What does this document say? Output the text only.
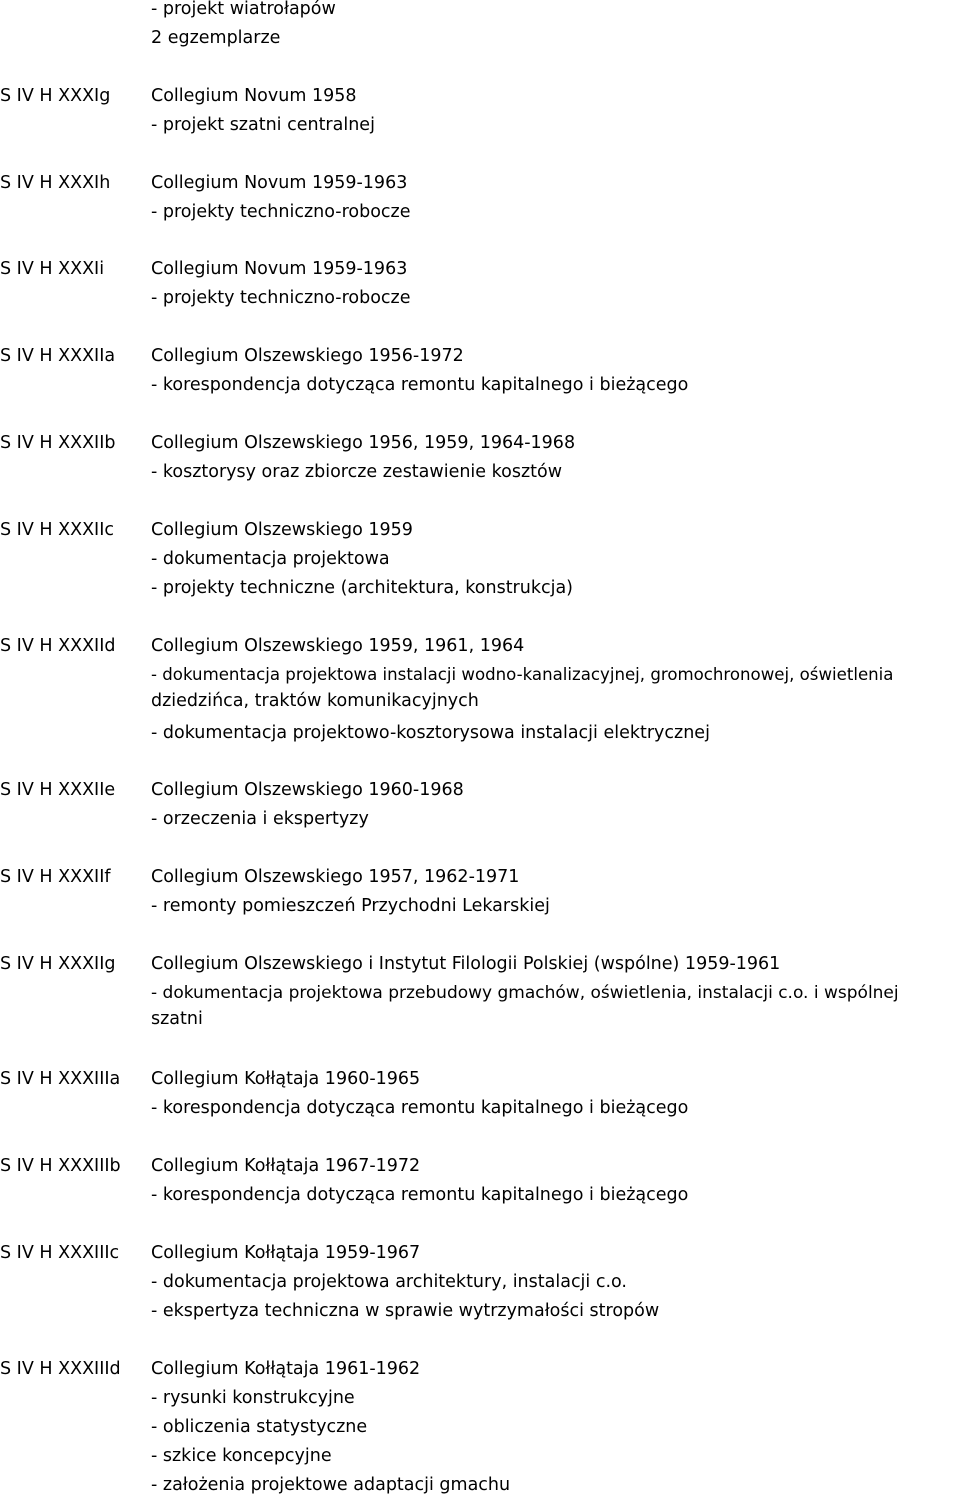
- projekt wiatrołapów
2 egzemplarze
S IV H XXXIg Collegium Novum 1958
- projekt szatni centralnej
S IV H XXXIh Collegium Novum 1959-1963
- projekty techniczno-robocze
S IV H XXXIi	Collegium Novum 1959-1963
- projekty techniczno-robocze
S IV H XXXIIa Collegium Olszewskiego 1956-1972
- korespondencja dotycząca remontu kapitalnego i bieżącego
S IV H XXXIIb Collegium Olszewskiego 1956, 1959, 1964-1968
- kosztorysy oraz zbiorcze zestawienie kosztów
S IV H XXXIIc Collegium Olszewskiego 1959
- dokumentacja projektowa
- projekty techniczne (architektura, konstrukcja)
S IV H XXXIId Collegium Olszewskiego 1959, 1961, 1964
- dokumentacja projektowa instalacji wodno-kanalizacyjnej, gromochronowej, oświetlenia
dziedzińca, traktów komunikacyjnych
- dokumentacja projektowo-kosztorysowa instalacji elektrycznej
S IV H XXXIIe Collegium Olszewskiego 1960-1968
- orzeczenia i ekspertyzy
S IV H XXXIIf Collegium Olszewskiego 1957, 1962-1971
- remonty pomieszczeń Przychodni Lekarskiej
S IV H XXXIIg Collegium Olszewskiego i Instytut Filologii Polskiej (wspólne) 1959-1961
- dokumentacja projektowa przebudowy gmachów, oświetlenia, instalacji c.o. i wspólnej
szatni
S IV H XXXIIIa Collegium Kołłątaja 1960-1965
- korespondencja dotycząca remontu kapitalnego i bieżącego
S IV H XXXIIIb Collegium Kołłątaja 1967-1972
- korespondencja dotycząca remontu kapitalnego i bieżącego
S IV H XXXIIIc Collegium Kołłątaja 1959-1967
- dokumentacja projektowa architektury, instalacji c.o.
- ekspertyza techniczna w sprawie wytrzymałości stropów
S IV H XXXIIId Collegium Kołłątaja 1961-1962
- rysunki konstrukcyjne
- obliczenia statystyczne
- szkice koncepcyjne
- założenia projektowe adaptacji gmachu
